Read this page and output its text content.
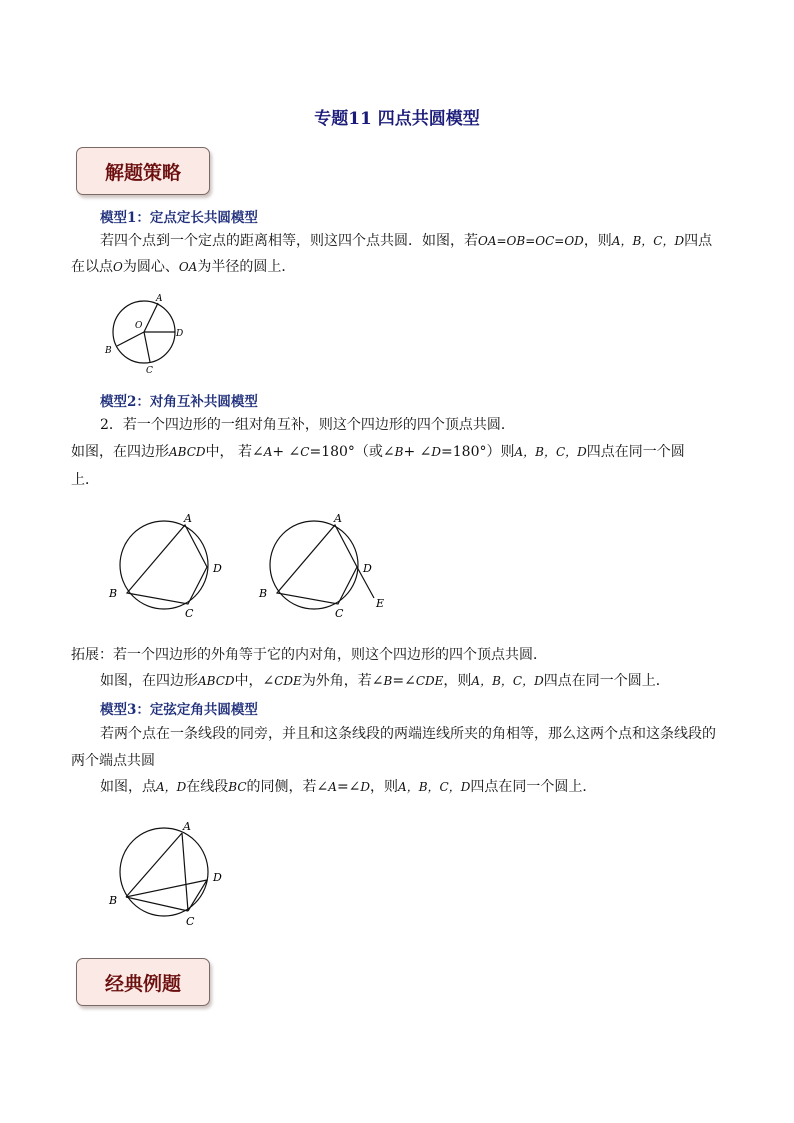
专题11 四点共圆模型
解题策略
模型1：定点定长共圆模型
若四个点到一个定点的距离相等，则这四个点共圆．如图，若OA=OB=OC=OD，则A，B，C，D四点
在以点O为圆心、OA为半径的圆上．
A
O
D
B
C
模型2：对角互补共圆模型
2．若一个四边形的一组对角互补，则这个四边形的四个顶点共圆．
如图，在四边形ABCD中， 若∠A+ ∠C=180°（或∠B+ ∠D=180°）则A，B，C，D四点在同一个圆
上．
A
D
B
C
A
D
B
C
E
拓展：若一个四边形的外角等于它的内对角，则这个四边形的四个顶点共圆．
如图，在四边形ABCD中，∠CDE为外角，若∠B=∠CDE，则A，B，C，D四点在同一个圆上．
模型3：定弦定角共圆模型
若两个点在一条线段的同旁，并且和这条线段的两端连线所夹的角相等，那么这两个点和这条线段的
两个端点共圆
如图，点A，D在线段BC的同侧，若∠A=∠D，则A，B，C，D四点在同一个圆上．
A
D
B
C
经典例题
